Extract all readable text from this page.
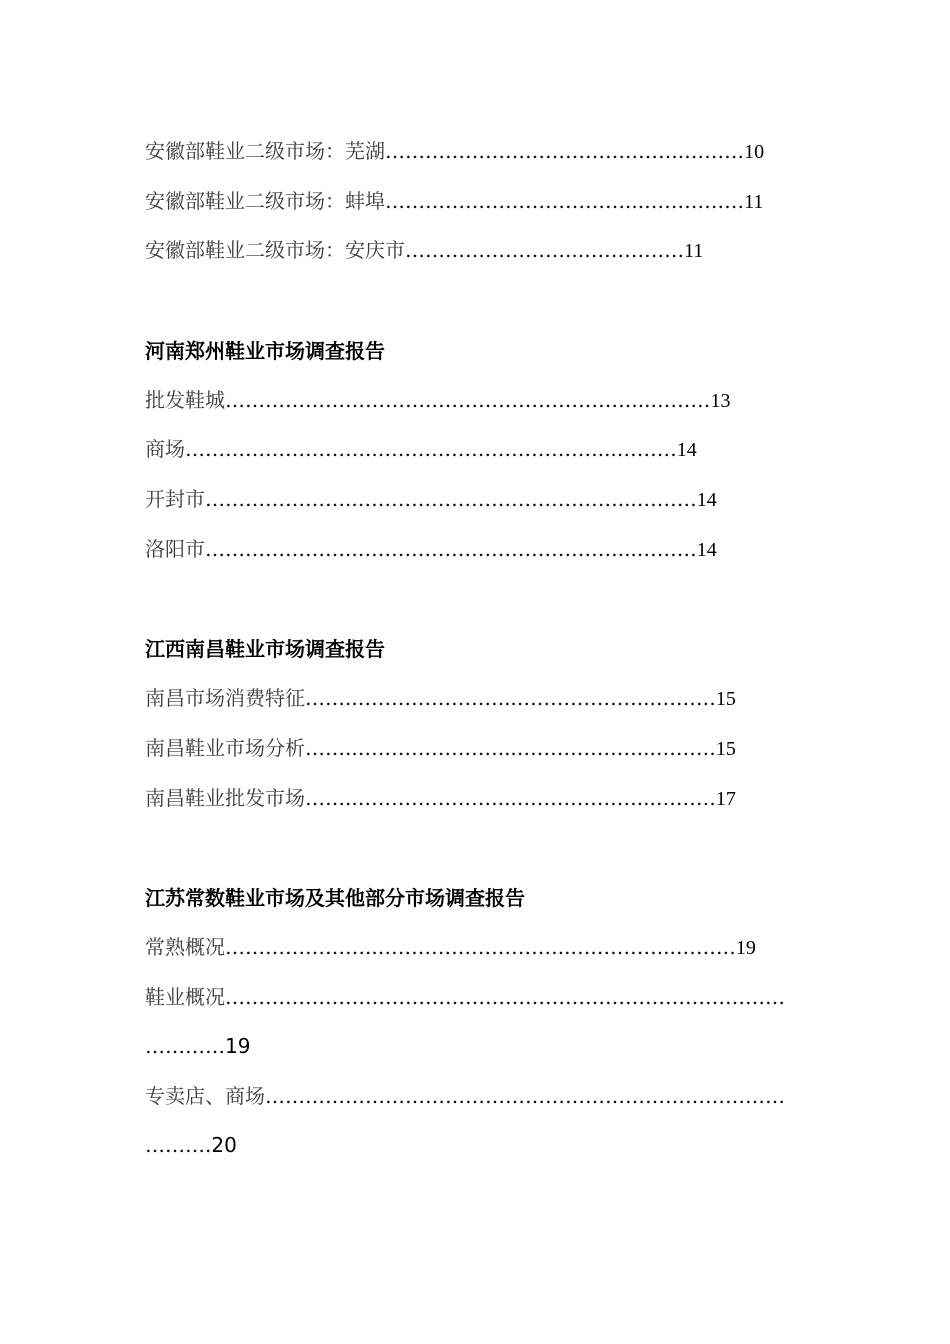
安徽部鞋业二级市场：芜湖……………………………….……..………10
安徽部鞋业二级市场：蚌埠………………………………...……………11
安徽部鞋业二级市场：安庆市……………………...……………11
河南郑州鞋业市场调查报告
批发鞋城………………………….…………………………...………13
商场………………………..……………………………...………14
开封市…………………..…………………………………...………14
洛阳市…………………..…………………………………...………14
江西南昌鞋业市场调查报告
南昌市场消费特征……..…………………...………………...………15
南昌鞋业市场分析……..…………………...………………...………15
南昌鞋业批发市场……..…………………...………………...………17
江苏常数鞋业市场及其他部分市场调查报告
常熟概况…………………..………………………..….………...………19
鞋业概况…………………………………………………………………………
…………19
专卖店、商场……………………………………………………………………
……….20
